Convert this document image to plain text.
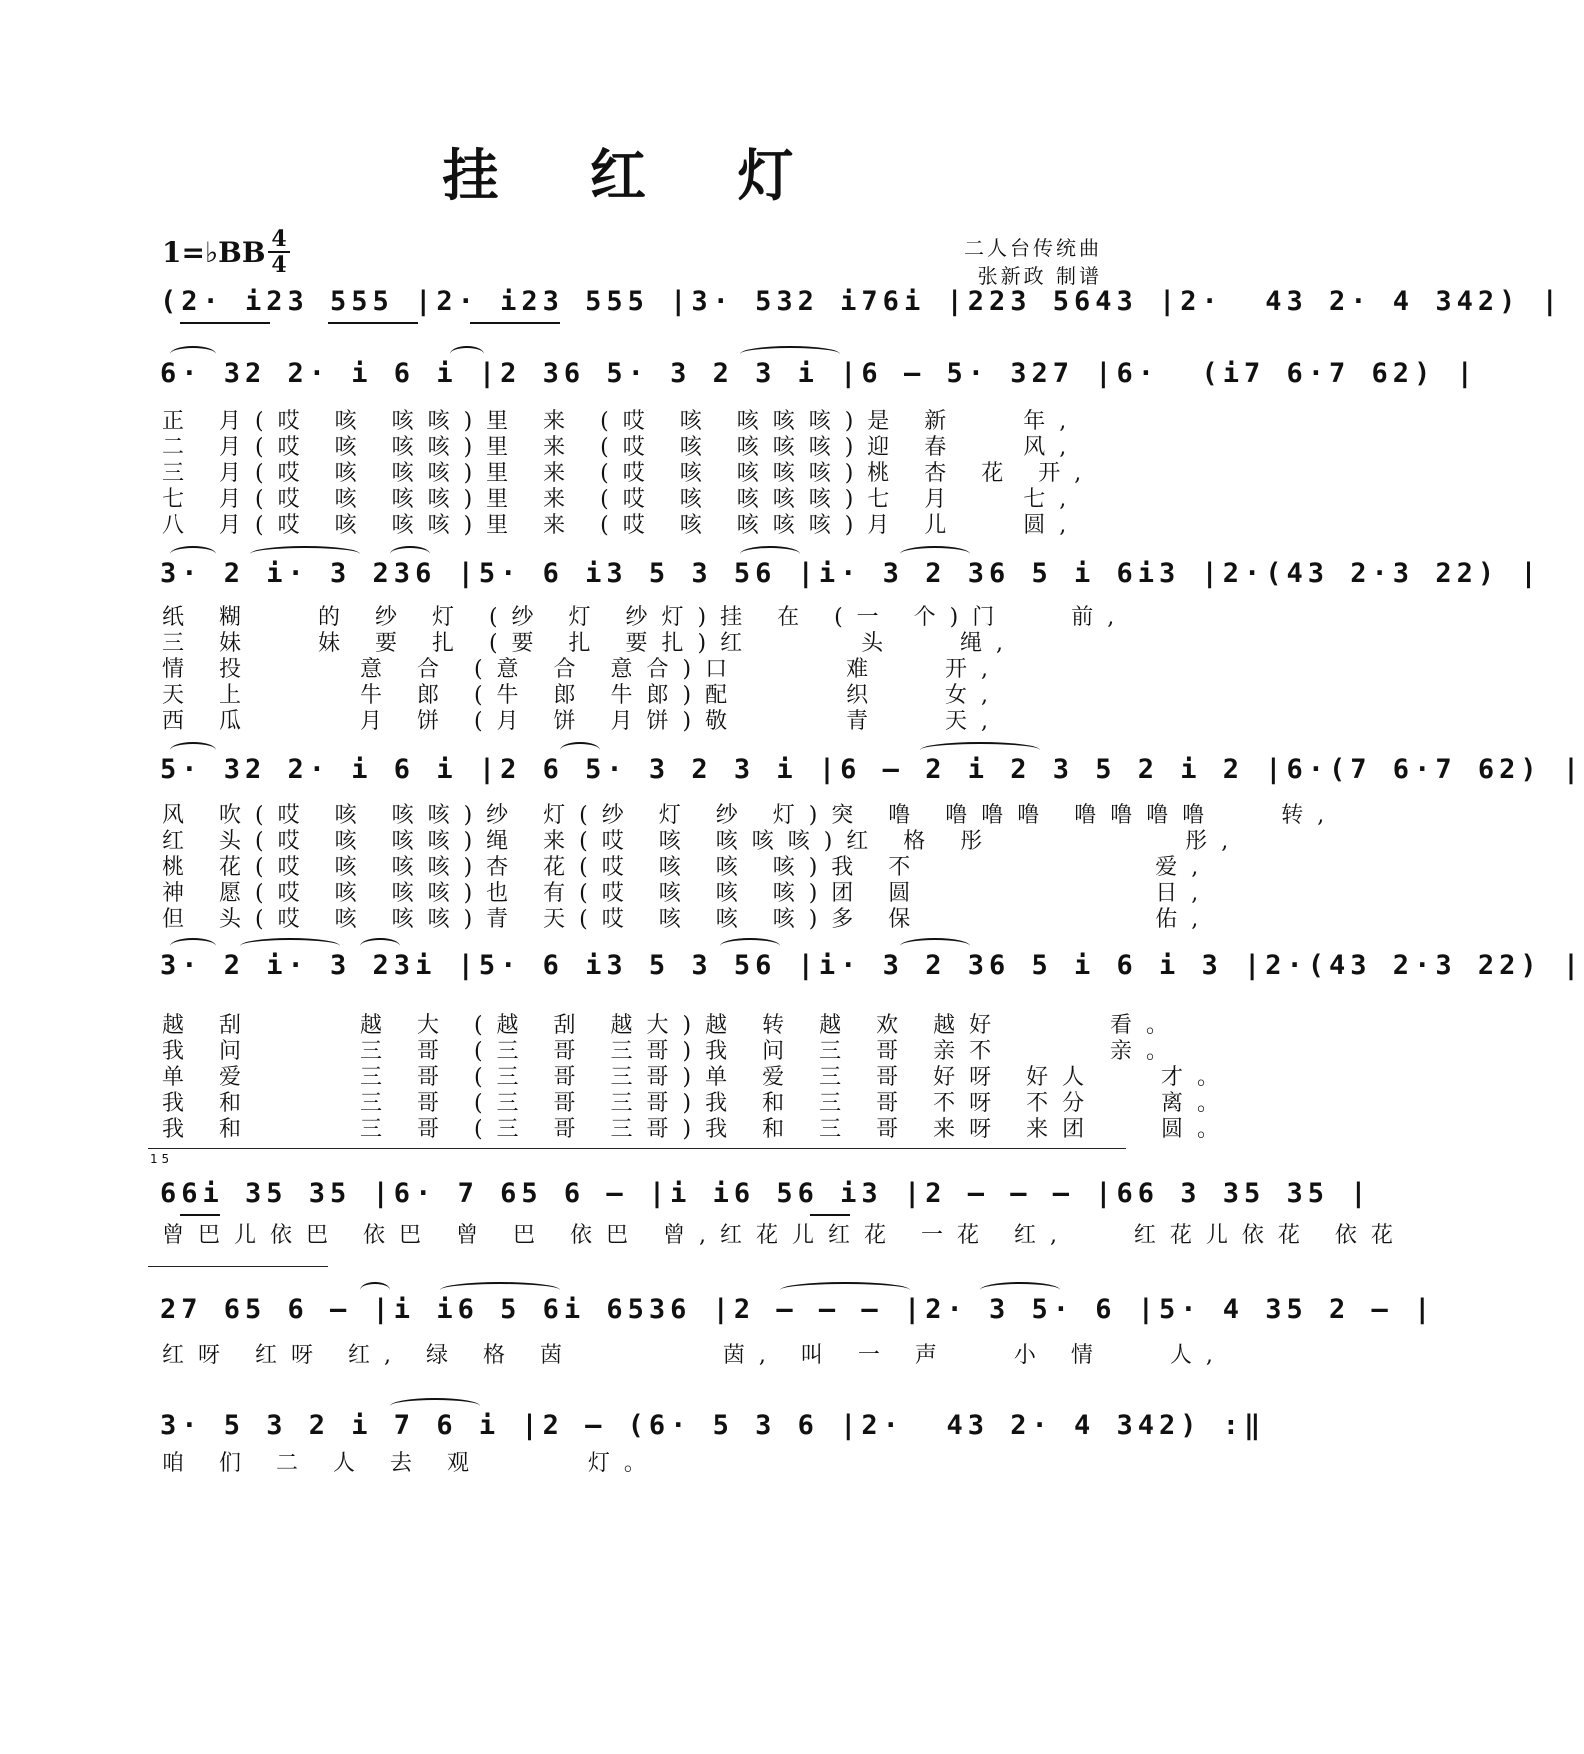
挂 红 灯
1=♭BB 4
4
二人台传统曲
张新政 制谱
(2· i23 555 |2· i23 555 |3· 532 i76i |223 5643 |2·  43 2· 4 342) |
6· 32 2· i 6 i |2 36 5· 3 2 3 i |6 – 5· 327 |6·  (i7 6·7 62) |
正 月(哎 咳 咳咳)里 来 (哎 咳 咳咳咳)是 新   年,
二 月(哎 咳 咳咳)里 来 (哎 咳 咳咳咳)迎 春   风,
三 月(哎 咳 咳咳)里 来 (哎 咳 咳咳咳)桃 杏 花 开,
七 月(哎 咳 咳咳)里 来 (哎 咳 咳咳咳)七 月   七,
八 月(哎 咳 咳咳)里 来 (哎 咳 咳咳咳)月 儿   圆,
3· 2 i· 3 236 |5· 6 i3 5 3 56 |i· 3 2 36 5 i 6i3 |2·(43 2·3 22) |
纸 糊   的 纱 灯 (纱 灯 纱灯)挂 在 (一 个)门   前,
三 妹   妹 要 扎 (要 扎 要扎)红     头   绳,
情 投     意 合 (意 合 意合)口     难   开,
天 上     牛 郎 (牛 郎 牛郎)配     织   女,
西 瓜     月 饼 (月 饼 月饼)敬     青   天,
5· 32 2· i 6 i |2 6 5· 3 2 3 i |6 – 2 i 2 3 5 2 i 2 |6·(7 6·7 62) |
风 吹(哎 咳 咳咳)纱 灯(纱 灯 纱 灯)突 噜 噜噜噜 噜噜噜噜   转,
红 头(哎 咳 咳咳)绳 来(哎 咳 咳咳咳)红 格 彤         彤,
桃 花(哎 咳 咳咳)杏 花(哎 咳 咳 咳)我 不           爱,
神 愿(哎 咳 咳咳)也 有(哎 咳 咳 咳)团 圆           日,
但 头(哎 咳 咳咳)青 天(哎 咳 咳 咳)多 保           佑,
3· 2 i· 3 23i |5· 6 i3 5 3 56 |i· 3 2 36 5 i 6 i 3 |2·(43 2·3 22) |
越 刮     越 大 (越 刮 越大)越 转 越 欢 越好     看。
我 问     三 哥 (三 哥 三哥)我 问 三 哥 亲不     亲。
单 爱     三 哥 (三 哥 三哥)单 爱 三 哥 好呀 好人   才。
我 和     三 哥 (三 哥 三哥)我 和 三 哥 不呀 不分   离。
我 和     三 哥 (三 哥 三哥)我 和 三 哥 来呀 来团   圆。
1 5
66i 35 35 |6· 7 65 6 – |i i6 56 i3 |2 – – – |66 3 35 35 |
曾巴儿依巴 依巴 曾 巴 依巴 曾,红花儿红花 一花 红,   红花儿依花 依花
27 65 6 – |i i6 5 6i 6536 |2 – – – |2· 3 5· 6 |5· 4 35 2 – |
红呀 红呀 红, 绿 格 茵       茵, 叫 一 声   小 情   人,
3· 5 3 2 i 7 6 i |2 – (6· 5 3 6 |2·  43 2· 4 342) :‖
咱 们 二 人 去 观     灯。
